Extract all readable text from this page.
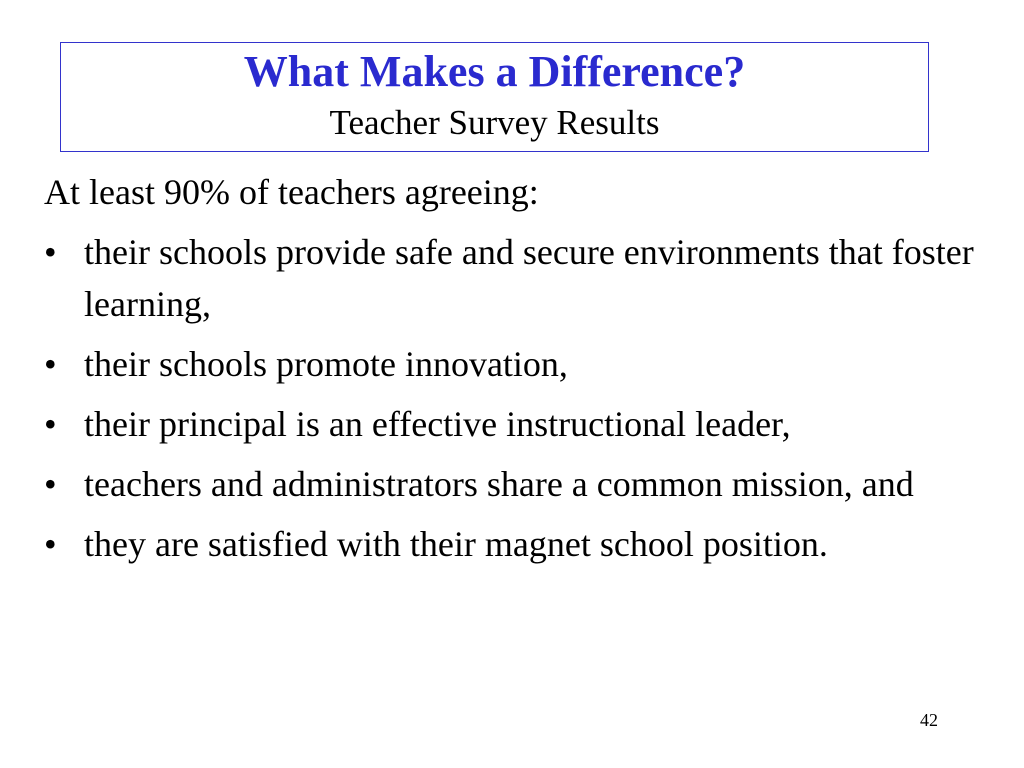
What Makes a Difference?
Teacher Survey Results
At least 90% of teachers agreeing:
• their schools provide safe and secure environments that foster learning,
• their schools promote innovation,
• their principal is an effective instructional leader,
• teachers and administrators share a common mission, and
• they are satisfied with their magnet school position.
42
